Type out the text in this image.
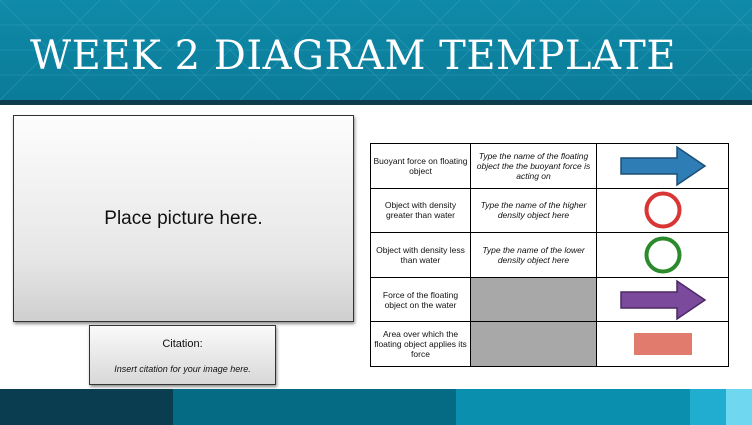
WEEK 2 DIAGRAM TEMPLATE
Place picture here.
Citation:
Insert citation for your image here.
Buoyant force on floating object	Type the name of the floating object the the buoyant force is acting on	

Object with density greater than water	Type the name of the higher density object here	

Object with density less than water	Type the name of the lower density object here	

Force of the floating object on the water		

Area over which the floating object applies its force		
